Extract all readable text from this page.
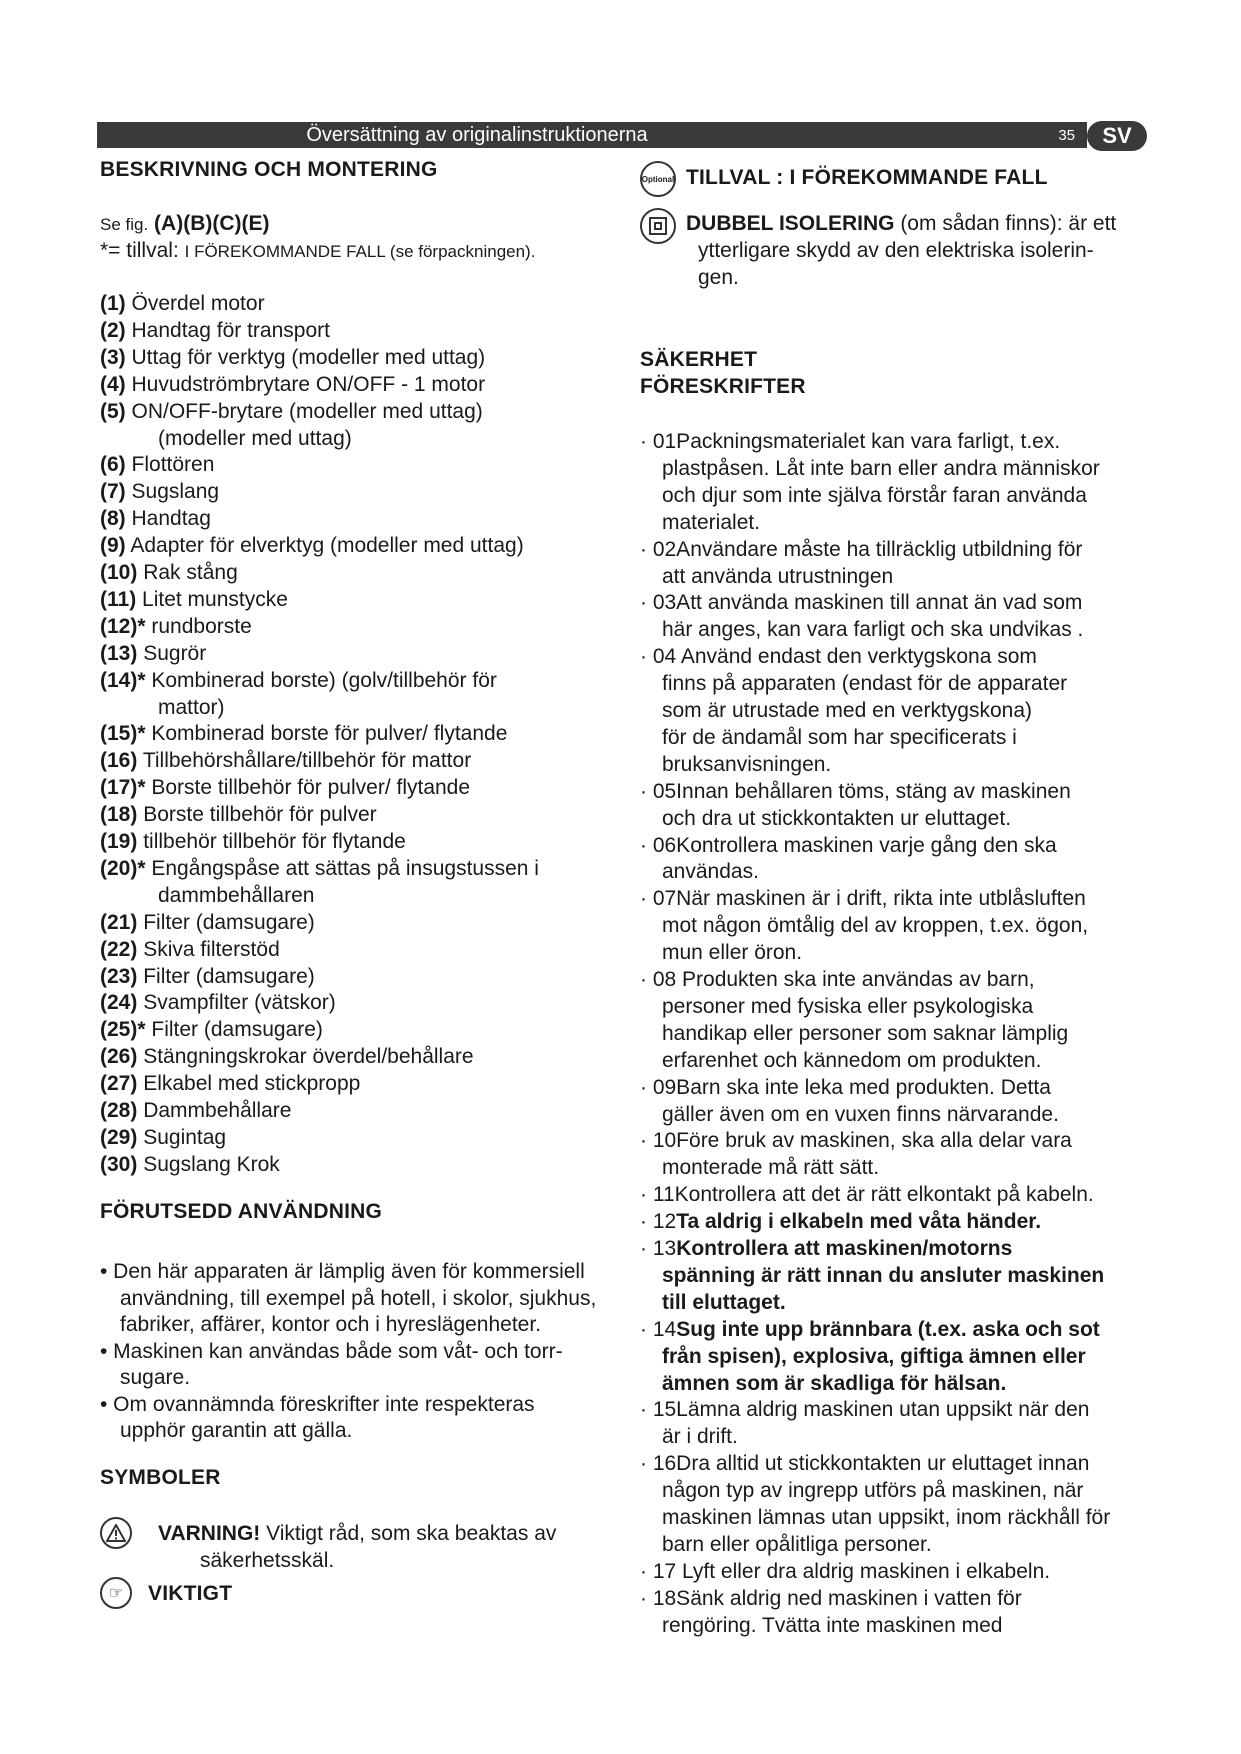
Översättning av originalinstruktionerna	35	SV
BESKRIVNING OCH MONTERING
Se fig. (A)(B)(C)(E)
*= tillval: I FÖREKOMMANDE FALL (se förpackningen).
(1) Överdel motor
(2) Handtag för transport
(3) Uttag för verktyg (modeller med uttag)
(4) Huvudströmbrytare ON/OFF - 1 motor
(5) ON/OFF-brytare (modeller med uttag)
(modeller med uttag)
(6) Flottören
(7) Sugslang
(8) Handtag
(9) Adapter för elverktyg (modeller med uttag)
(10) Rak stång
(11) Litet munstycke
(12)* rundborste
(13) Sugrör
(14)* Kombinerad borste) (golv/tillbehör för
mattor)
(15)* Kombinerad borste för pulver/ flytande
(16) Tillbehörshållare/tillbehör för mattor
(17)* Borste tillbehör för pulver/ flytande
(18) Borste tillbehör för pulver
(19) tillbehör tillbehör för flytande
(20)* Engångspåse att sättas på insugstussen i
dammbehållaren
(21) Filter (damsugare)
(22) Skiva filterstöd
(23) Filter (damsugare)
(24) Svampfilter (vätskor)
(25)* Filter (damsugare)
(26) Stängningskrokar överdel/behållare
(27) Elkabel med stickpropp
(28) Dammbehållare
(29) Sugintag
(30) Sugslang Krok
FÖRUTSEDD ANVÄNDNING
• Den här apparaten är lämplig även för kommersiell
användning, till exempel på hotell, i skolor, sjukhus,
fabriker, affärer, kontor och i hyreslägenheter.
• Maskinen kan användas både som våt- och torr-
sugare.
• Om ovannämnda föreskrifter inte respekteras
upphör garantin att gälla.
SYMBOLER
VARNING! Viktigt råd, som ska beaktas av
säkerhetsskäl.
☞ VIKTIGT
Optional TILLVAL : I FÖREKOMMANDE FALL
DUBBEL ISOLERING (om sådan finns): är ett
ytterligare skydd av den elektriska isolerin-
gen.
SÄKERHET
FÖRESKRIFTER
· 01Packningsmaterialet kan vara farligt, t.ex.
plastpåsen. Låt inte barn eller andra människor
och djur som inte själva förstår faran använda
materialet.
· 02Användare måste ha tillräcklig utbildning för
att använda utrustningen
· 03Att använda maskinen till annat än vad som
här anges, kan vara farligt och ska undvikas .
· 04 Använd endast den verktygskona som
finns på apparaten (endast för de apparater
som är utrustade med en verktygskona)
för de ändamål som har specificerats i
bruksanvisningen.
· 05Innan behållaren töms, stäng av maskinen
och dra ut stickkontakten ur eluttaget.
· 06Kontrollera maskinen varje gång den ska
användas.
· 07När maskinen är i drift, rikta inte utblåsluften
mot någon ömtålig del av kroppen, t.ex. ögon,
mun eller öron.
· 08 Produkten ska inte användas av barn,
personer med fysiska eller psykologiska
handikap eller personer som saknar lämplig
erfarenhet och kännedom om produkten.
· 09Barn ska inte leka med produkten. Detta
gäller även om en vuxen finns närvarande.
· 10Före bruk av maskinen, ska alla delar vara
monterade må rätt sätt.
· 11Kontrollera att det är rätt elkontakt på kabeln.
· 12Ta aldrig i elkabeln med våta händer.
· 13Kontrollera att maskinen/motorns
spänning är rätt innan du ansluter maskinen
till eluttaget.
· 14Sug inte upp brännbara (t.ex. aska och sot
från spisen), explosiva, giftiga ämnen eller
ämnen som är skadliga för hälsan.
· 15Lämna aldrig maskinen utan uppsikt när den
är i drift.
· 16Dra alltid ut stickkontakten ur eluttaget innan
någon typ av ingrepp utförs på maskinen, när
maskinen lämnas utan uppsikt, inom räckhåll för
barn eller opålitliga personer.
· 17 Lyft eller dra aldrig maskinen i elkabeln.
· 18Sänk aldrig ned maskinen i vatten för
rengöring. Tvätta inte maskinen med
